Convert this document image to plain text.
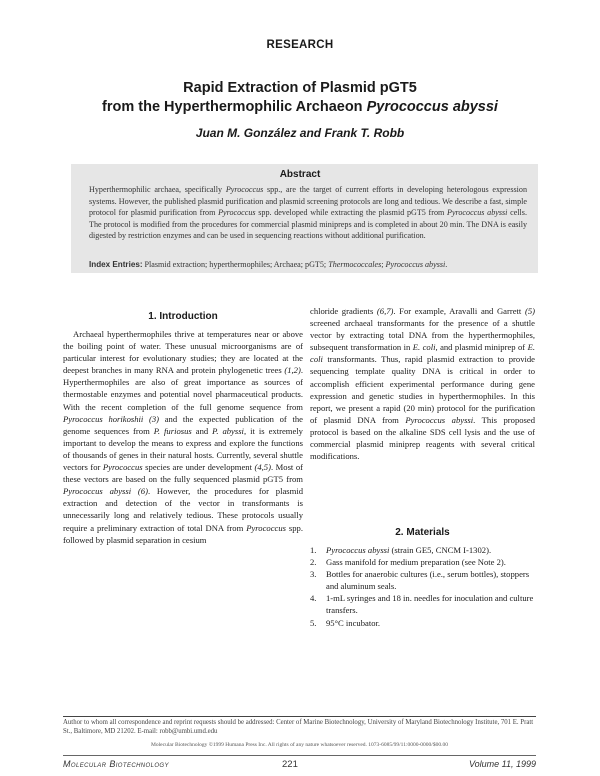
RESEARCH
Rapid Extraction of Plasmid pGT5
from the Hyperthermophilic Archaeon Pyrococcus abyssi
Juan M. González and Frank T. Robb
Abstract
Hyperthermophilic archaea, specifically Pyrococcus spp., are the target of current efforts in developing heterologous expression systems. However, the published plasmid purification and plasmid screening protocols are long and tedious. We describe a fast, simple protocol for plasmid purification from Pyrococcus spp. developed while extracting the plasmid pGT5 from Pyrococcus abyssi cells. The protocol is modified from the procedures for commercial plasmid minipreps and is completed in about 20 min. The DNA is easily digested by restriction enzymes and can be used in sequencing reactions without additional purification.
Index Entries: Plasmid extraction; hyperthermophiles; Archaea; pGT5; Thermococcales; Pyrococcus abyssi.
1. Introduction

Archaeal hyperthermophiles thrive at temperatures near or above the boiling point of water. These unusual microorganisms are of particular interest for evolutionary studies; they are located at the deepest branches in many RNA and protein phylogenetic trees (1,2). Hyperthermophiles are also of great importance as sources of thermostable enzymes and potential novel pharmaceutical products. With the recent completion of the full genome sequence from Pyrococcus horikoshii (3) and the expected publication of the genome sequences from P. furiosus and P. abyssi, it is extremely important to develop the means to express and explore the functions of thousands of genes in their natural hosts. Currently, several shuttle vectors for Pyrococcus species are under development (4,5). Most of these vectors are based on the fully sequenced plasmid pGT5 from Pyrococcus abyssi (6). However, the procedures for plasmid extraction and detection of the vector in transformants is unnecessarily long and relatively tedious. These protocols usually require a preliminary extraction of total DNA from Pyrococcus spp. followed by plasmid separation in cesium

chloride gradients (6,7). For example, Aravalli and Garrett (5) screened archaeal transformants for the presence of a shuttle vector by extracting total DNA from the hyperthermophiles, subsequent transformation in E. coli, and plasmid miniprep of E. coli transformants. Thus, rapid plasmid extraction to provide sequencing template quality DNA is critical in order to accomplish efficient experimental performance during gene expression and genetic studies in hyperthermophiles. In this report, we present a rapid (20 min) protocol for the purification of plasmid DNA from Pyrococcus abyssi. This proposed protocol is based on the alkaline SDS cell lysis and the use of commercial plasmid miniprep reagents with several critical modifications.

2. Materials
1. Pyrococcus abyssi (strain GE5, CNCM I-1302).
2. Gass manifold for medium preparation (see Note 2).
3. Bottles for anaerobic cultures (i.e., serum bottles), stoppers and aluminum seals.
4. 1-mL syringes and 18 in. needles for inoculation and culture transfers.
5. 95°C incubator.
Author to whom all correspondence and reprint requests should be addressed: Center of Marine Biotechnology, University of Maryland Biotechnology Institute, 701 E. Pratt St., Baltimore, MD 21202. E-mail: robb@umbi.umd.edu
Molecular Biotechnology ©1999 Humana Press Inc. All rights of any nature whatsoever reserved. 1073-6085/99/11:0000-0000/$00.00
Molecular Biotechnology	221	Volume 11, 1999
